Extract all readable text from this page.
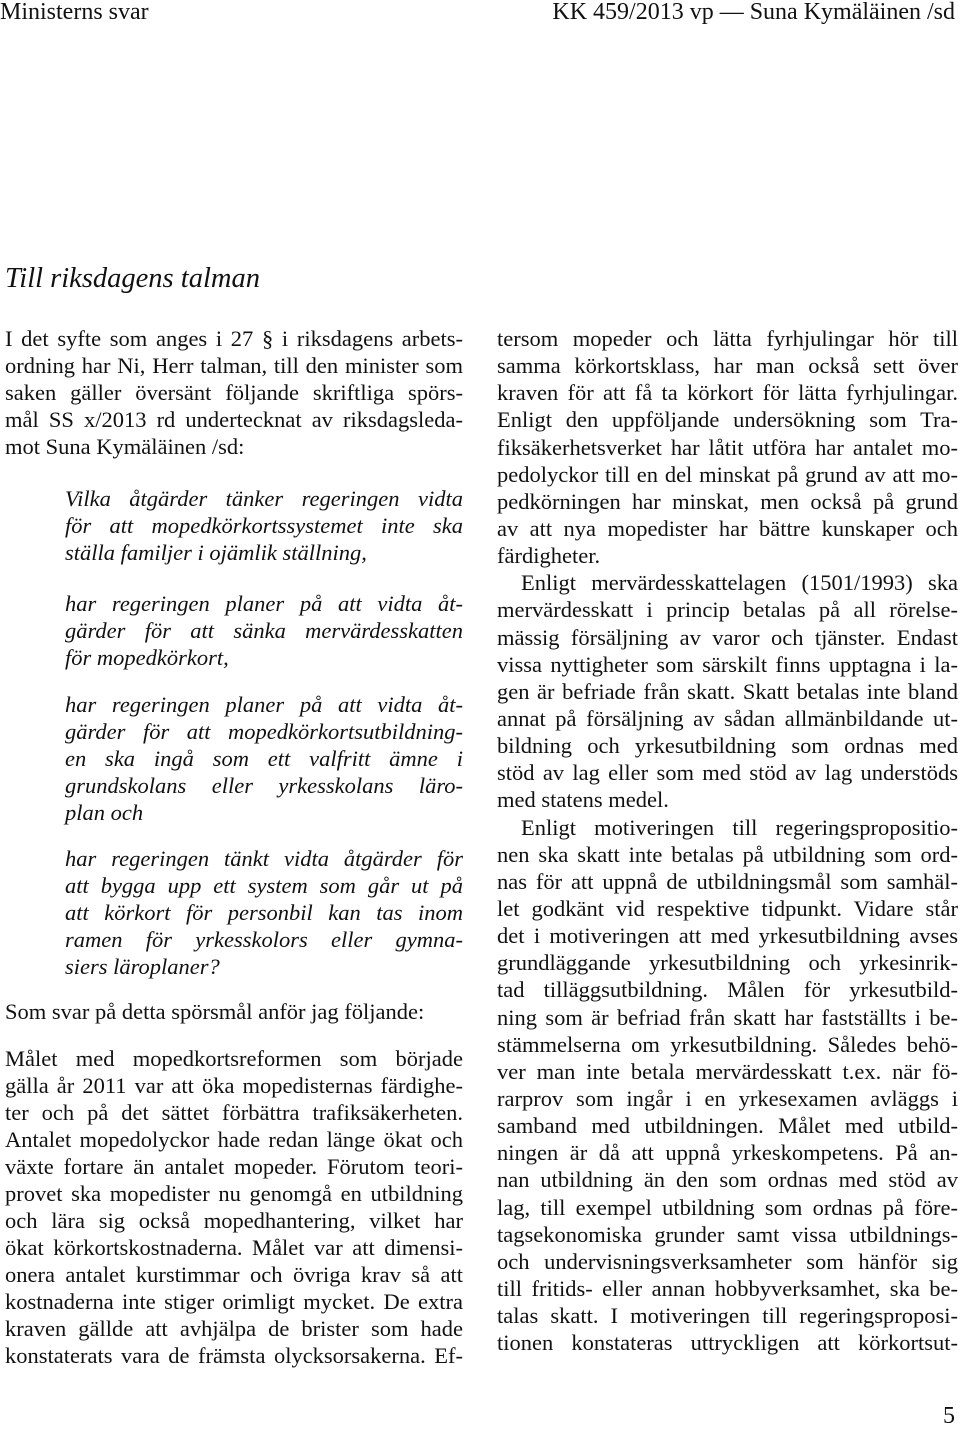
Ministerns svar	KK 459/2013 vp — Suna Kymäläinen /sd
Till riksdagens talman
I det syfte som anges i 27 § i riksdagens arbets-
ordning har Ni, Herr talman, till den minister som
saken gäller översänt följande skriftliga spörs-
mål SS x/2013 rd undertecknat av riksdagsleda-
mot Suna Kymäläinen /sd:
Vilka åtgärder tänker regeringen vidta
för att mopedkörkortssystemet inte ska
ställa familjer i ojämlik ställning,
har regeringen planer på att vidta åt-
gärder för att sänka mervärdesskatten
för mopedkörkort,
har regeringen planer på att vidta åt-
gärder för att mopedkörkortsutbildning-
en ska ingå som ett valfritt ämne i
grundskolans eller yrkesskolans läro-
plan och
har regeringen tänkt vidta åtgärder för
att bygga upp ett system som går ut på
att körkort för personbil kan tas inom
ramen för yrkesskolors eller gymna-
siers läroplaner?
Som svar på detta spörsmål anför jag följande:
Målet med mopedkortsreformen som började
gälla år 2011 var att öka mopedisternas färdighe-
ter och på det sättet förbättra trafiksäkerheten.
Antalet mopedolyckor hade redan länge ökat och
växte fortare än antalet mopeder. Förutom teori-
provet ska mopedister nu genomgå en utbildning
och lära sig också mopedhantering, vilket har
ökat körkortskostnaderna. Målet var att dimensi-
onera antalet kurstimmar och övriga krav så att
kostnaderna inte stiger orimligt mycket. De extra
kraven gällde att avhjälpa de brister som hade
konstaterats vara de främsta olycksorsakerna. Ef-
tersom mopeder och lätta fyrhjulingar hör till
samma körkortsklass, har man också sett över
kraven för att få ta körkort för lätta fyrhjulingar.
Enligt den uppföljande undersökning som Tra-
fiksäkerhetsverket har låtit utföra har antalet mo-
pedolyckor till en del minskat på grund av att mo-
pedkörningen har minskat, men också på grund
av att nya mopedister har bättre kunskaper och
färdigheter.
Enligt mervärdesskattelagen (1501/1993) ska
mervärdesskatt i princip betalas på all rörelse-
mässig försäljning av varor och tjänster. Endast
vissa nyttigheter som särskilt finns upptagna i la-
gen är befriade från skatt. Skatt betalas inte bland
annat på försäljning av sådan allmänbildande ut-
bildning och yrkesutbildning som ordnas med
stöd av lag eller som med stöd av lag understöds
med statens medel.
Enligt motiveringen till regeringspropositio-
nen ska skatt inte betalas på utbildning som ord-
nas för att uppnå de utbildningsmål som samhäl-
let godkänt vid respektive tidpunkt. Vidare står
det i motiveringen att med yrkesutbildning avses
grundläggande yrkesutbildning och yrkesinrik-
tad tilläggsutbildning. Målen för yrkesutbild-
ning som är befriad från skatt har fastställts i be-
stämmelserna om yrkesutbildning. Således behö-
ver man inte betala mervärdesskatt t.ex. när fö-
rarprov som ingår i en yrkesexamen avläggs i
samband med utbildningen. Målet med utbild-
ningen är då att uppnå yrkeskompetens. På an-
nan utbildning än den som ordnas med stöd av
lag, till exempel utbildning som ordnas på före-
tagsekonomiska grunder samt vissa utbildnings-
och undervisningsverksamheter som hänför sig
till fritids- eller annan hobbyverksamhet, ska be-
talas skatt. I motiveringen till regeringsproposi-
tionen konstateras uttryckligen att körkortsut-
5
